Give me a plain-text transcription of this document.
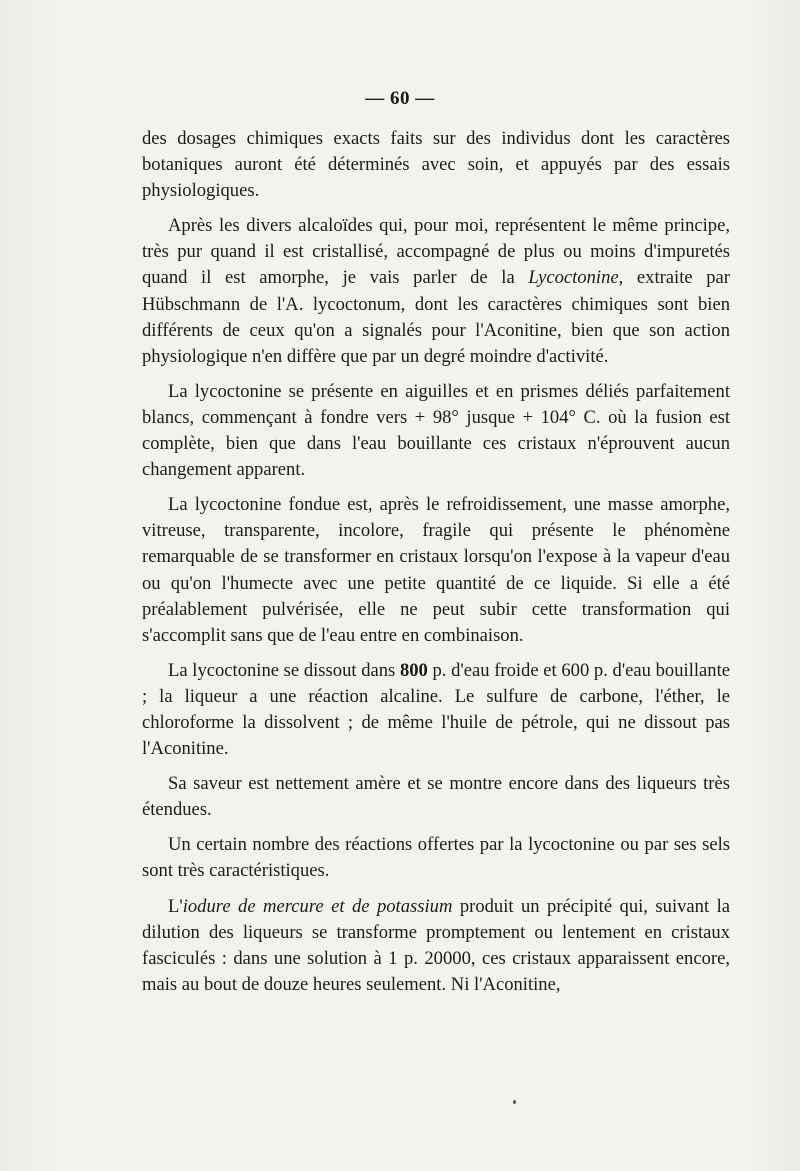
— 60 —

des dosages chimiques exacts faits sur des individus dont les caractères botaniques auront été déterminés avec soin, et appuyés par des essais physiologiques.

Après les divers alcaloïdes qui, pour moi, représentent le même principe, très pur quand il est cristallisé, accompagné de plus ou moins d'impuretés quand il est amorphe, je vais parler de la Lycoctonine, extraite par Hübschmann de l'A. lycoctonum, dont les caractères chimiques sont bien différents de ceux qu'on a signalés pour l'Aconitine, bien que son action physiologique n'en diffère que par un degré moindre d'activité.

La lycoctonine se présente en aiguilles et en prismes déliés parfaitement blancs, commençant à fondre vers + 98° jusque + 104° C. où la fusion est complète, bien que dans l'eau bouillante ces cristaux n'éprouvent aucun changement apparent.

La lycoctonine fondue est, après le refroidissement, une masse amorphe, vitreuse, transparente, incolore, fragile qui présente le phénomène remarquable de se transformer en cristaux lorsqu'on l'expose à la vapeur d'eau ou qu'on l'humecte avec une petite quantité de ce liquide. Si elle a été préalablement pulvérisée, elle ne peut subir cette transformation qui s'accomplit sans que de l'eau entre en combinaison.

La lycoctonine se dissout dans 800 p. d'eau froide et 600 p. d'eau bouillante ; la liqueur a une réaction alcaline. Le sulfure de carbone, l'éther, le chloroforme la dissolvent ; de même l'huile de pétrole, qui ne dissout pas l'Aconitine.

Sa saveur est nettement amère et se montre encore dans des liqueurs très étendues.

Un certain nombre des réactions offertes par la lycoctonine ou par ses sels sont très caractéristiques.

L'iodure de mercure et de potassium produit un précipité qui, suivant la dilution des liqueurs se transforme promptement ou lentement en cristaux fasciculés : dans une solution à 1 p. 20000, ces cristaux apparaissent encore, mais au bout de douze heures seulement. Ni l'Aconitine,
